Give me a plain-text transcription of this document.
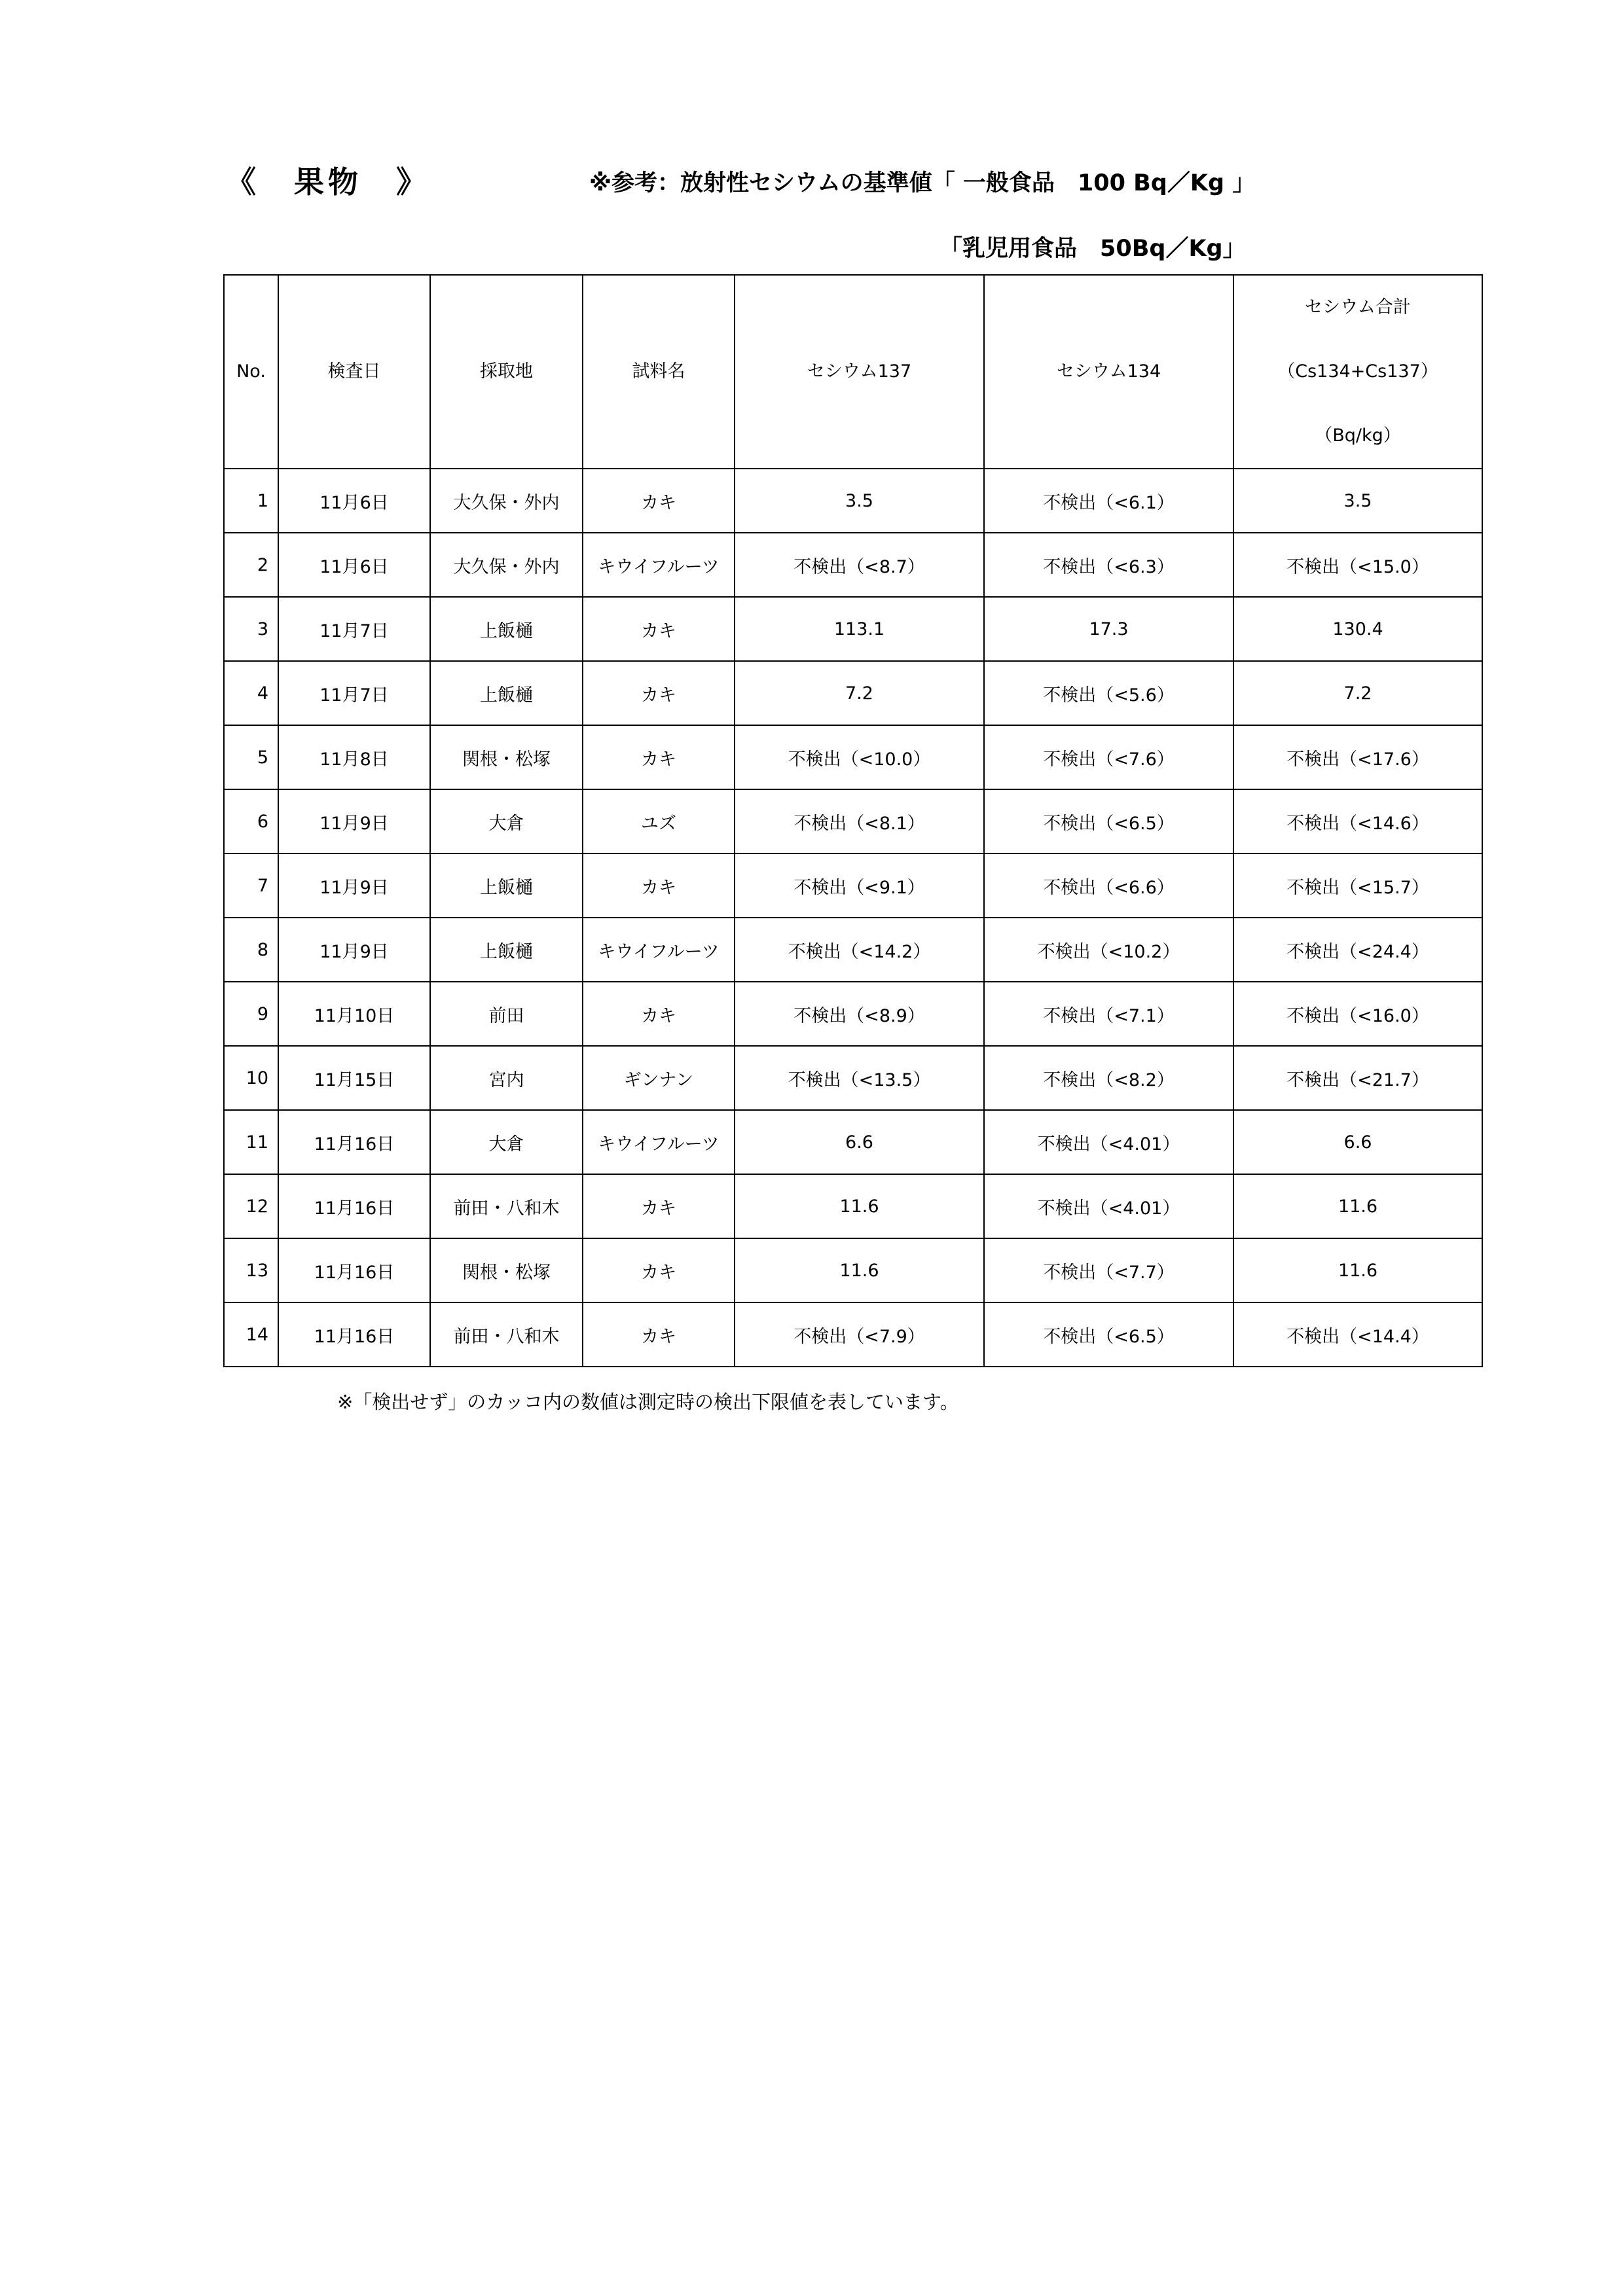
《　果物　》	※参考：放射性セシウムの基準値「 一般食品　100 Bq／Kg 」
「乳児用食品　50Bq／Kg」
No.	検査日	採取地	試料名	セシウム137	セシウム134	セシウム合計
（Cs134+Cs137）
（Bq/kg）

1	11月6日	大久保・外内	カキ	3.5	不検出（<6.1）	3.5
2	11月6日	大久保・外内	キウイフルーツ	不検出（<8.7）	不検出（<6.3）	不検出（<15.0）
3	11月7日	上飯樋	カキ	113.1	17.3	130.4
4	11月7日	上飯樋	カキ	7.2	不検出（<5.6）	7.2
5	11月8日	関根・松塚	カキ	不検出（<10.0）	不検出（<7.6）	不検出（<17.6）
6	11月9日	大倉	ユズ	不検出（<8.1）	不検出（<6.5）	不検出（<14.6）
7	11月9日	上飯樋	カキ	不検出（<9.1）	不検出（<6.6）	不検出（<15.7）
8	11月9日	上飯樋	キウイフルーツ	不検出（<14.2）	不検出（<10.2）	不検出（<24.4）
9	11月10日	前田	カキ	不検出（<8.9）	不検出（<7.1）	不検出（<16.0）
10	11月15日	宮内	ギンナン	不検出（<13.5）	不検出（<8.2）	不検出（<21.7）
11	11月16日	大倉	キウイフルーツ	6.6	不検出（<4.01）	6.6
12	11月16日	前田・八和木	カキ	11.6	不検出（<4.01）	11.6
13	11月16日	関根・松塚	カキ	11.6	不検出（<7.7）	11.6
14	11月16日	前田・八和木	カキ	不検出（<7.9）	不検出（<6.5）	不検出（<14.4）
※「検出せず」のカッコ内の数値は測定時の検出下限値を表しています。
